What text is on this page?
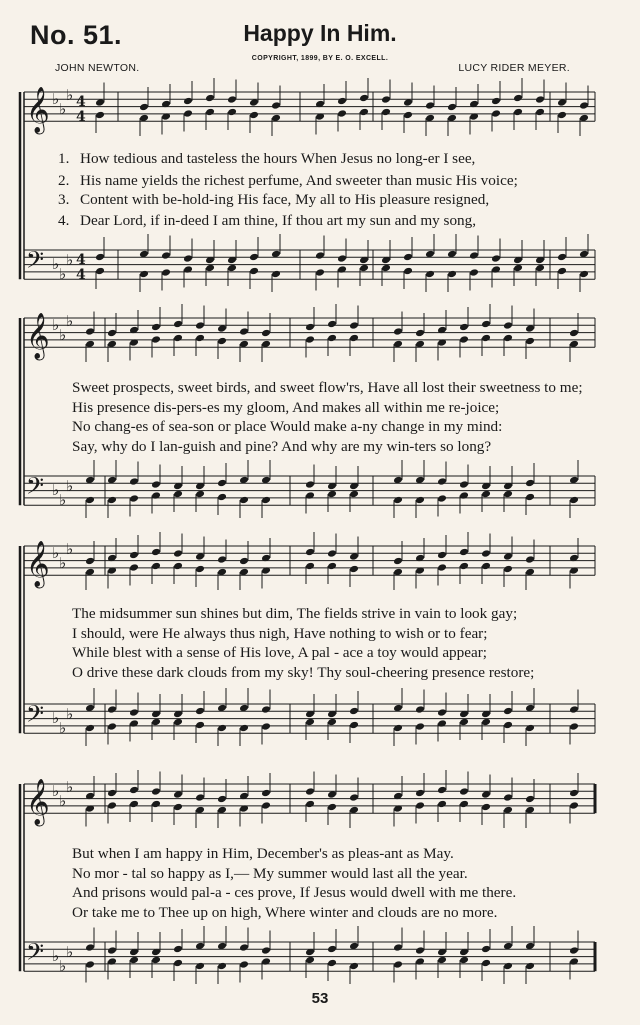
No. 51.	Happy In Him.
COPYRIGHT, 1899, BY E. O. EXCELL.
JOHN NEWTON.	LUCY RIDER MEYER.
𝄞 ♭
♭
♭ 4
4
𝄢 ♭
♭
♭ 4
4
𝄞 ♭
♭
♭
𝄢 ♭
♭
♭
𝄞 ♭
♭
♭
𝄢 ♭
♭
♭
𝄞 ♭
♭
♭
𝄢 ♭
♭
♭
1. How tedious and tasteless the hours When Jesus no long-er I see,
2. His name yields the richest perfume, And sweeter than music His voice;
3. Content with be-hold-ing His face, My all to His pleasure resigned,
4. Dear Lord, if in-deed I am thine, If thou art my sun and my song,
Sweet prospects, sweet birds, and sweet flow'rs, Have all lost their sweetness to me;
His presence dis-pers-es my gloom, And makes all within me re-joice;
No chang-es of sea-son or place Would make a-ny change in my mind:
Say, why do I lan-guish and pine? And why are my win-ters so long?
The midsummer sun shines but dim, The fields strive in vain to look gay;
I should, were He always thus nigh, Have nothing to wish or to fear;
While blest with a sense of His love, A pal - ace a toy would appear;
O drive these dark clouds from my sky! Thy soul-cheering presence restore;
But when I am happy in Him, December's as pleas-ant as May.
No mor - tal so happy as I,— My summer would last all the year.
And prisons would pal-a - ces prove, If Jesus would dwell with me there.
Or take me to Thee up on high, Where winter and clouds are no more.
53
